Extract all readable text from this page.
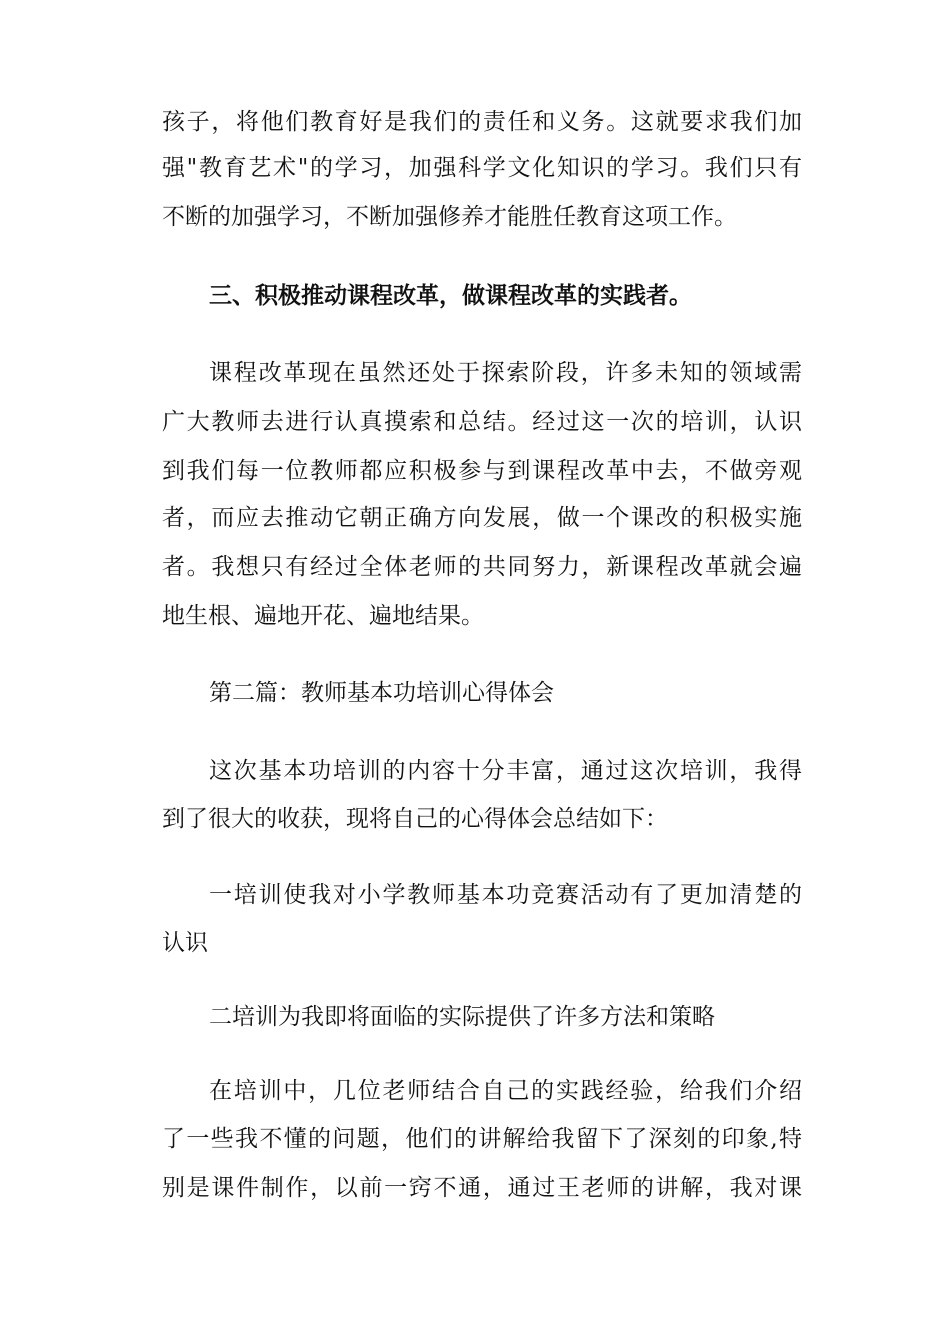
孩子，将他们教育好是我们的责任和义务。这就要求我们加
强"教育艺术"的学习，加强科学文化知识的学习。我们只有
不断的加强学习，不断加强修养才能胜任教育这项工作。
三、积极推动课程改革，做课程改革的实践者。
课程改革现在虽然还处于探索阶段，许多未知的领域需
广大教师去进行认真摸索和总结。经过这一次的培训，认识
到我们每一位教师都应积极参与到课程改革中去，不做旁观
者，而应去推动它朝正确方向发展，做一个课改的积极实施
者。我想只有经过全体老师的共同努力，新课程改革就会遍
地生根、遍地开花、遍地结果。
第二篇：教师基本功培训心得体会
这次基本功培训的内容十分丰富，通过这次培训，我得
到了很大的收获，现将自己的心得体会总结如下：
一培训使我对小学教师基本功竞赛活动有了更加清楚的
认识
二培训为我即将面临的实际提供了许多方法和策略
在培训中，几位老师结合自己的实践经验，给我们介绍
了一些我不懂的问题，他们的讲解给我留下了深刻的印象,特
别是课件制作，以前一窍不通，通过王老师的讲解，我对课
